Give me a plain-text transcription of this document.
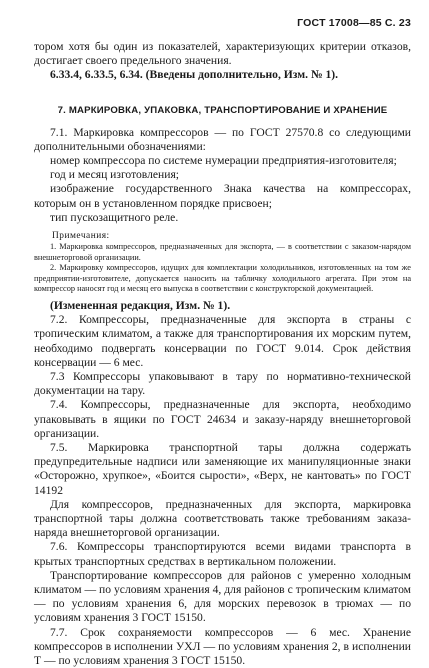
ГОСТ 17008—85 С. 23

тором хотя бы один из показателей, характеризующих критерии отказов, достигает своего предельного значения.

6.33.4, 6.33.5, 6.34. (Введены дополнительно, Изм. № 1).

7. МАРКИРОВКА, УПАКОВКА, ТРАНСПОРТИРОВАНИЕ И ХРАНЕНИЕ

7.1. Маркировка компрессоров — по ГОСТ 27570.8 со следующими дополнительными обозначениями:

номер компрессора по системе нумерации предприятия-изготовителя;

год и месяц изготовления;

изображение государственного Знака качества на компрессорах, которым он в установленном порядке присвоен;

тип пускозащитного реле.

Примечания:

1. Маркировка компрессоров, предназначенных для экспорта, — в соответствии с заказом-нарядом внешнеторговой организации.

2. Маркировку компрессоров, идущих для комплектации холодильников, изготовленных на том же предприятии-изготовителе, допускается наносить на табличку холодильного агрегата. При этом на компрессор наносят год и месяц его выпуска в соответствии с конструкторской документацией.

(Измененная редакция, Изм. № 1).

7.2. Компрессоры, предназначенные для экспорта в страны с тропическим климатом, а также для транспортирования их морским путем, необходимо подвергать консервации по ГОСТ 9.014. Срок действия консервации — 6 мес.

7.3 Компрессоры упаковывают в тару по нормативно-технической документации на тару.

7.4. Компрессоры, предназначенные для экспорта, необходимо упаковывать в ящики по ГОСТ 24634 и заказу-наряду внешнеторговой организации.

7.5. Маркировка транспортной тары должна содержать предупредительные надписи или заменяющие их манипуляционные знаки «Осторожно, хрупкое», «Боится сырости», «Верх, не кантовать» по ГОСТ 14192

Для компрессоров, предназначенных для экспорта, маркировка транспортной тары должна соответствовать также требованиям заказа-наряда внешнеторговой организации.

7.6. Компрессоры транспортируются всеми видами транспорта в крытых транспортных средствах в вертикальном положении.

Транспортирование компрессоров для районов с умеренно холодным климатом — по условиям хранения 4, для районов с тропическим климатом — по условиям хранения 6, для морских перевозок в трюмах — по условиям хранения 3 ГОСТ 15150.

7.7. Срок сохраняемости компрессоров — 6 мес. Хранение компрессоров в исполнении УХЛ — по условиям хранения 2, в исполнении Т — по условиям хранения 3 ГОСТ 15150.
